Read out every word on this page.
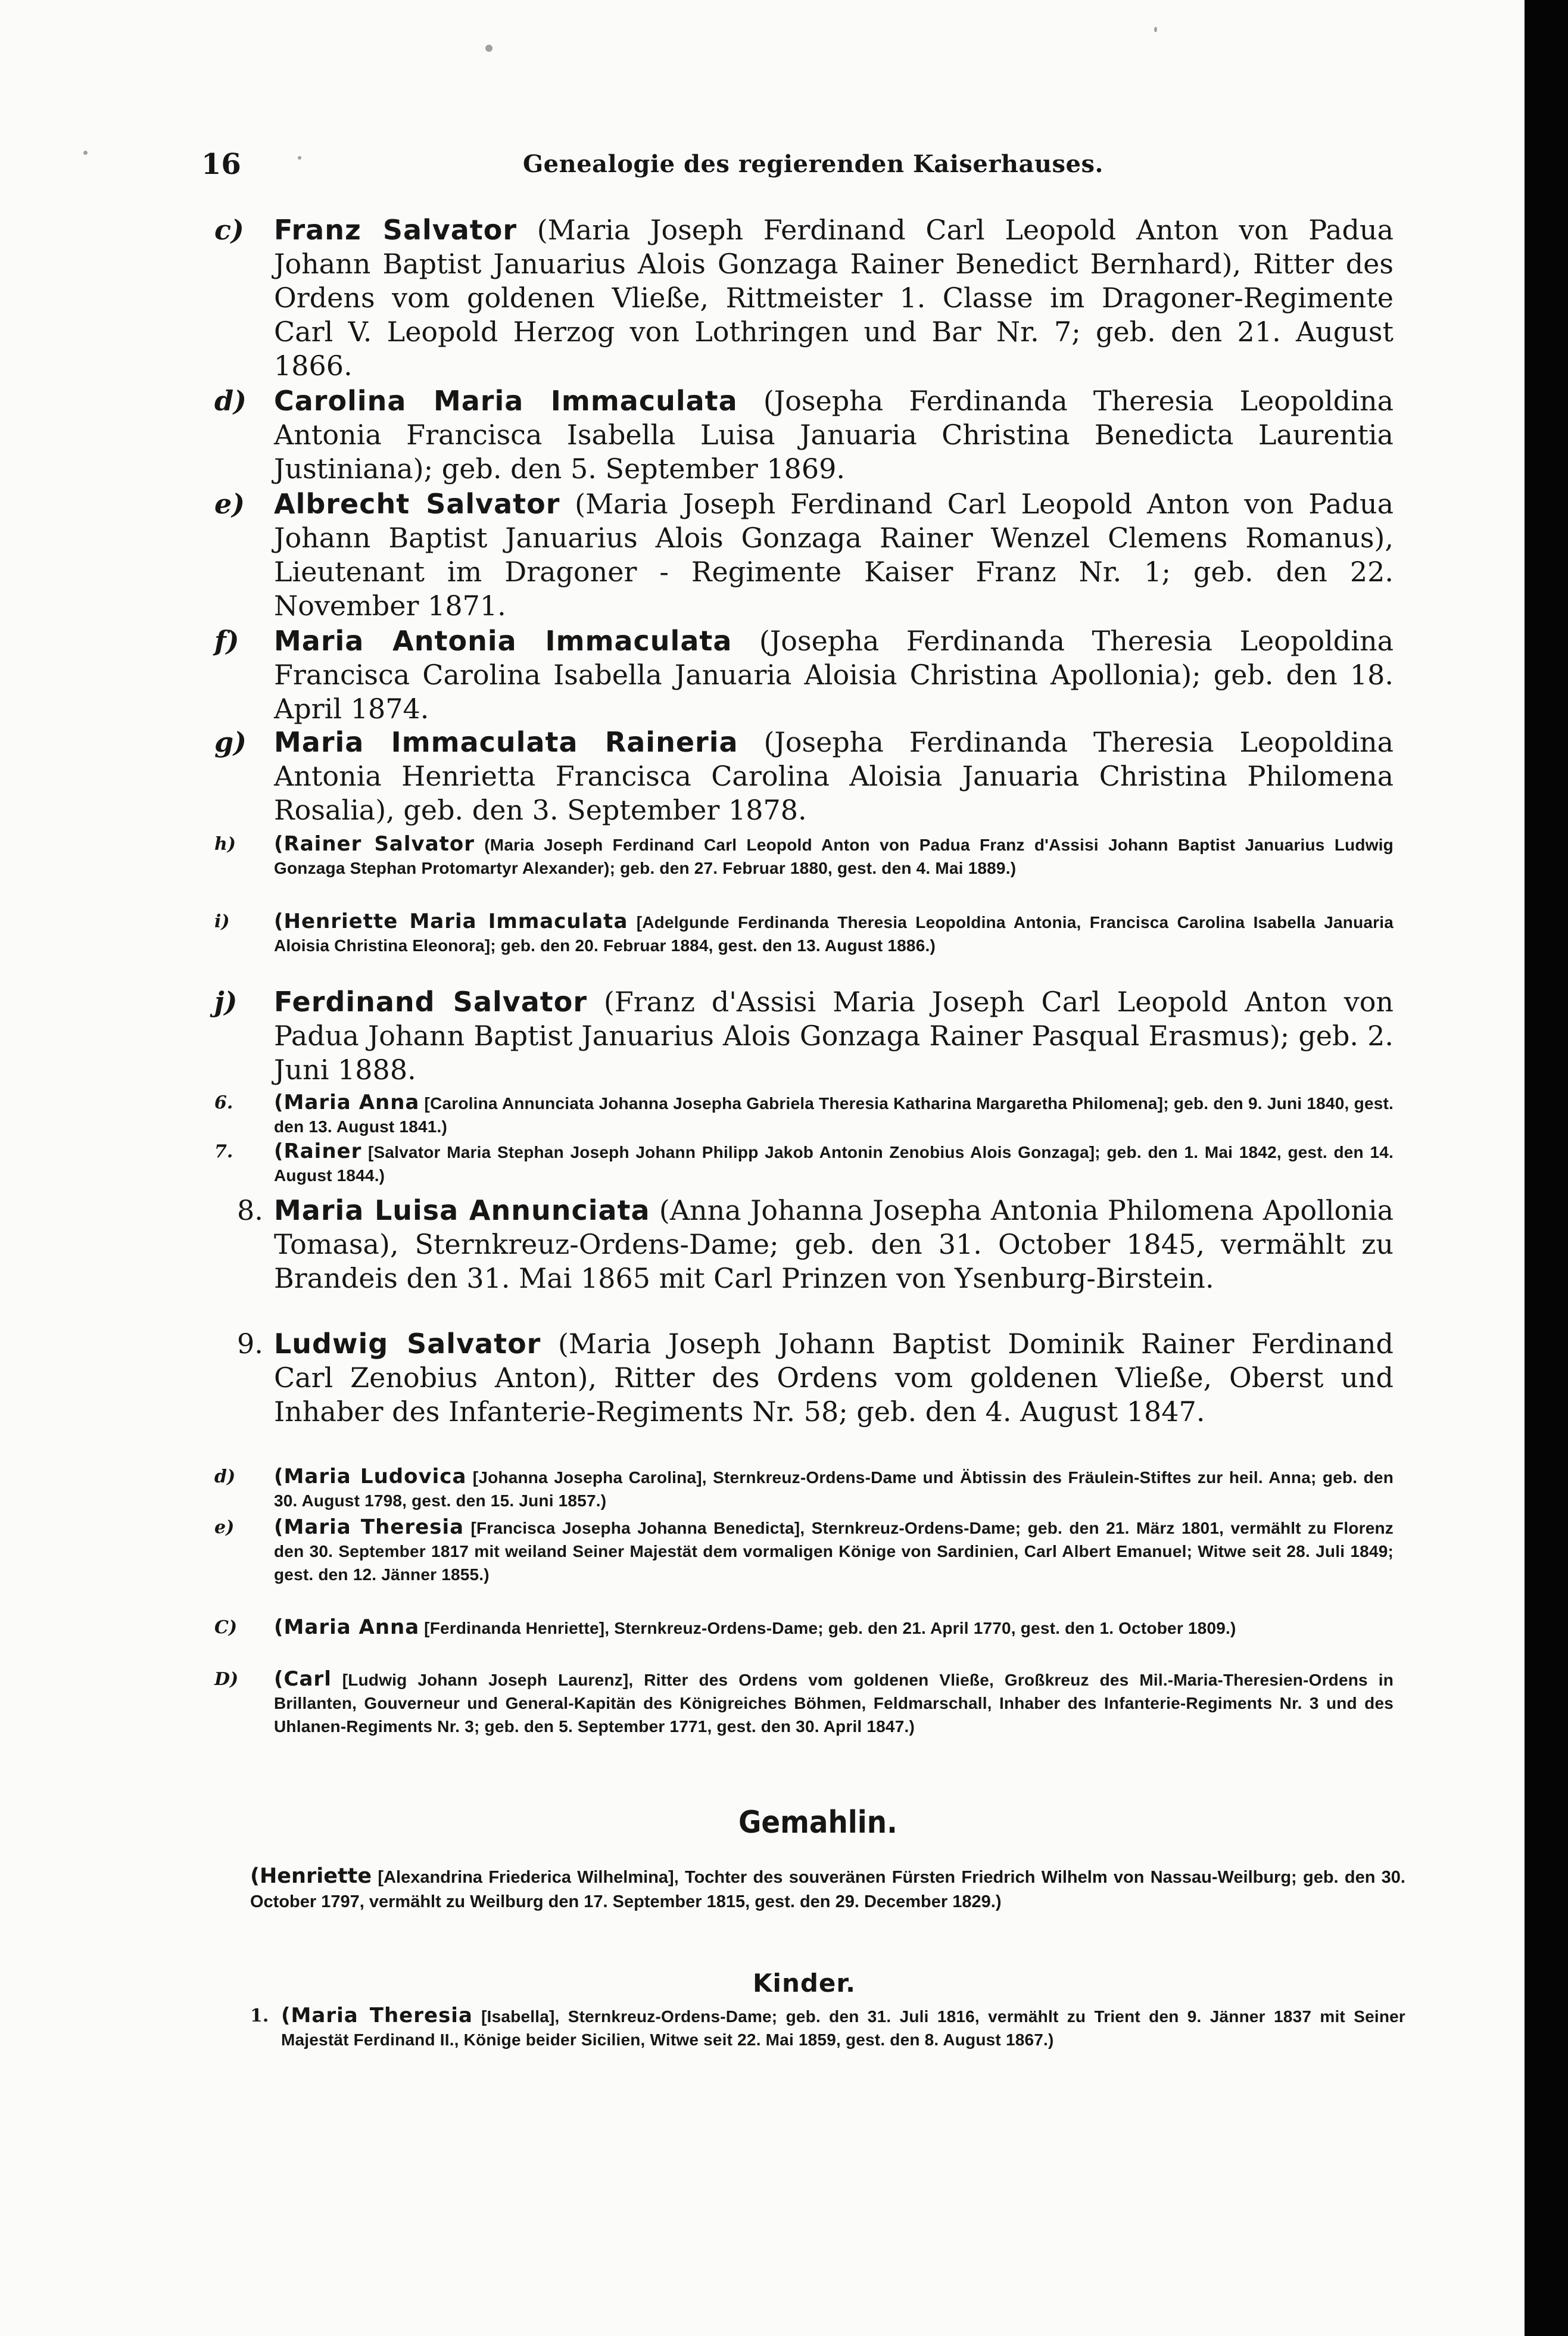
16	Genealogie des regierenden Kaiserhauses.
c) Franz Salvator (Maria Joseph Ferdinand Carl Leopold Anton von Padua Johann Baptist Januarius Alois Gonzaga Rainer Benedict Bernhard), Ritter des Ordens vom goldenen Vließe, Rittmeister 1. Classe im Dragoner-Regimente Carl V. Leopold Herzog von Lothringen und Bar Nr. 7; geb. den 21. August 1866.
d) Carolina Maria Immaculata (Josepha Ferdinanda Theresia Leopoldina Antonia Francisca Isabella Luisa Januaria Christina Benedicta Laurentia Justiniana); geb. den 5. September 1869.
e) Albrecht Salvator (Maria Joseph Ferdinand Carl Leopold Anton von Padua Johann Baptist Januarius Alois Gonzaga Rainer Wenzel Clemens Romanus), Lieutenant im Dragoner - Regimente Kaiser Franz Nr. 1; geb. den 22. November 1871.
f) Maria Antonia Immaculata (Josepha Ferdinanda Theresia Leopoldina Francisca Carolina Isabella Januaria Aloisia Christina Apollonia); geb. den 18. April 1874.
g) Maria Immaculata Raineria (Josepha Ferdinanda Theresia Leopoldina Antonia Henrietta Francisca Carolina Aloisia Januaria Christina Philomena Rosalia), geb. den 3. September 1878.
h) (Rainer Salvator (Maria Joseph Ferdinand Carl Leopold Anton von Padua Franz d'Assisi Johann Baptist Januarius Ludwig Gonzaga Stephan Protomartyr Alexander); geb. den 27. Februar 1880, gest. den 4. Mai 1889.)
i) (Henriette Maria Immaculata [Adelgunde Ferdinanda Theresia Leopoldina Antonia, Francisca Carolina Isabella Januaria Aloisia Christina Eleonora]; geb. den 20. Februar 1884, gest. den 13. August 1886.)
j) Ferdinand Salvator (Franz d'Assisi Maria Joseph Carl Leopold Anton von Padua Johann Baptist Januarius Alois Gonzaga Rainer Pasqual Erasmus); geb. 2. Juni 1888.
6. (Maria Anna [Carolina Annunciata Johanna Josepha Gabriela Theresia Katharina Margaretha Philomena]; geb. den 9. Juni 1840, gest. den 13. August 1841.)
7. (Rainer [Salvator Maria Stephan Joseph Johann Philipp Jakob Antonin Zenobius Alois Gonzaga]; geb. den 1. Mai 1842, gest. den 14. August 1844.)
8. Maria Luisa Annunciata (Anna Johanna Josepha Antonia Philomena Apollonia Tomasa), Sternkreuz-Ordens-Dame; geb. den 31. October 1845, vermählt zu Brandeis den 31. Mai 1865 mit Carl Prinzen von Ysenburg-Birstein.
9. Ludwig Salvator (Maria Joseph Johann Baptist Dominik Rainer Ferdinand Carl Zenobius Anton), Ritter des Ordens vom goldenen Vließe, Oberst und Inhaber des Infanterie-Regiments Nr. 58; geb. den 4. August 1847.
d) (Maria Ludovica [Johanna Josepha Carolina], Sternkreuz-Ordens-Dame und Äbtissin des Fräulein-Stiftes zur heil. Anna; geb. den 30. August 1798, gest. den 15. Juni 1857.)
e) (Maria Theresia [Francisca Josepha Johanna Benedicta], Sternkreuz-Ordens-Dame; geb. den 21. März 1801, vermählt zu Florenz den 30. September 1817 mit weiland Seiner Majestät dem vormaligen Könige von Sardinien, Carl Albert Emanuel; Witwe seit 28. Juli 1849; gest. den 12. Jänner 1855.)
C) (Maria Anna [Ferdinanda Henriette], Sternkreuz-Ordens-Dame; geb. den 21. April 1770, gest. den 1. October 1809.)
D) (Carl [Ludwig Johann Joseph Laurenz], Ritter des Ordens vom goldenen Vließe, Großkreuz des Mil.-Maria-Theresien-Ordens in Brillanten, Gouverneur und General-Kapitän des Königreiches Böhmen, Feldmarschall, Inhaber des Infanterie-Regiments Nr. 3 und des Uhlanen-Regiments Nr. 3; geb. den 5. September 1771, gest. den 30. April 1847.)
Gemahlin.
(Henriette [Alexandrina Friederica Wilhelmina], Tochter des souveränen Fürsten Friedrich Wilhelm von Nassau-Weilburg; geb. den 30. October 1797, vermählt zu Weilburg den 17. September 1815, gest. den 29. December 1829.)
Kinder.
1. (Maria Theresia [Isabella], Sternkreuz-Ordens-Dame; geb. den 31. Juli 1816, vermählt zu Trient den 9. Jänner 1837 mit Seiner Majestät Ferdinand II., Könige beider Sicilien, Witwe seit 22. Mai 1859, gest. den 8. August 1867.)
